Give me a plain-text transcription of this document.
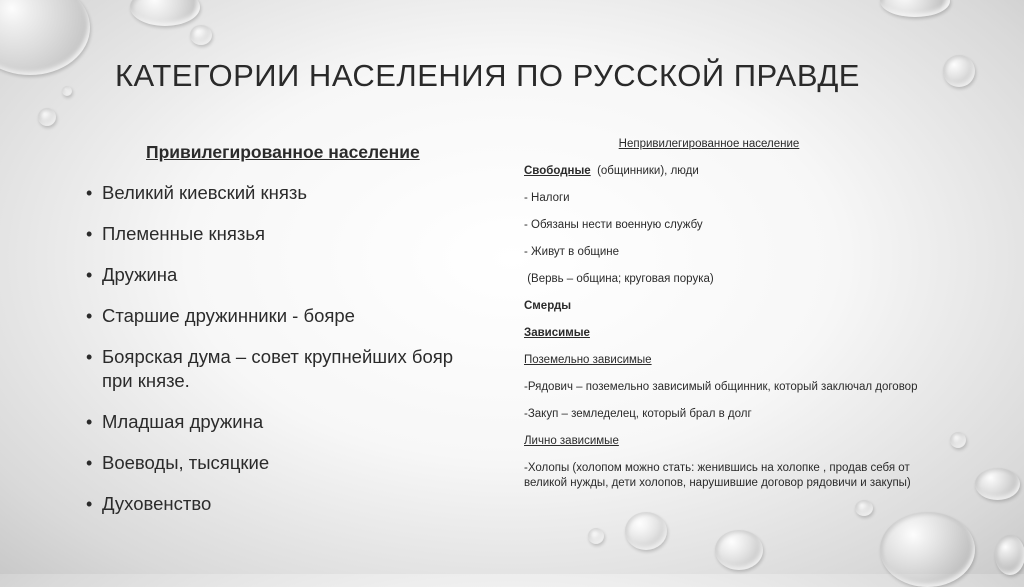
КАТЕГОРИИ НАСЕЛЕНИЯ ПО РУССКОЙ ПРАВДЕ
Привилегированное население
• Великий киевский князь
• Племенные князья
• Дружина
• Старшие дружинники - бояре
• Боярская дума – совет крупнейших бояр при князе.
• Младшая дружина
• Воеводы, тысяцкие
• Духовенство
Непривилегированное население

Свободные  (общинники), люди

- Налоги

- Обязаны нести военную службу

- Живут в общине

(Вервь – община; круговая порука)

Смерды

Зависимые

Поземельно зависимые

-Рядович – поземельно зависимый общинник, который заключал договор

-Закуп – земледелец, который брал в долг

Лично зависимые

-Холопы (холопом можно стать: женившись на холопке , продав себя от великой нужды, дети холопов, нарушившие договор рядовичи и закупы)
